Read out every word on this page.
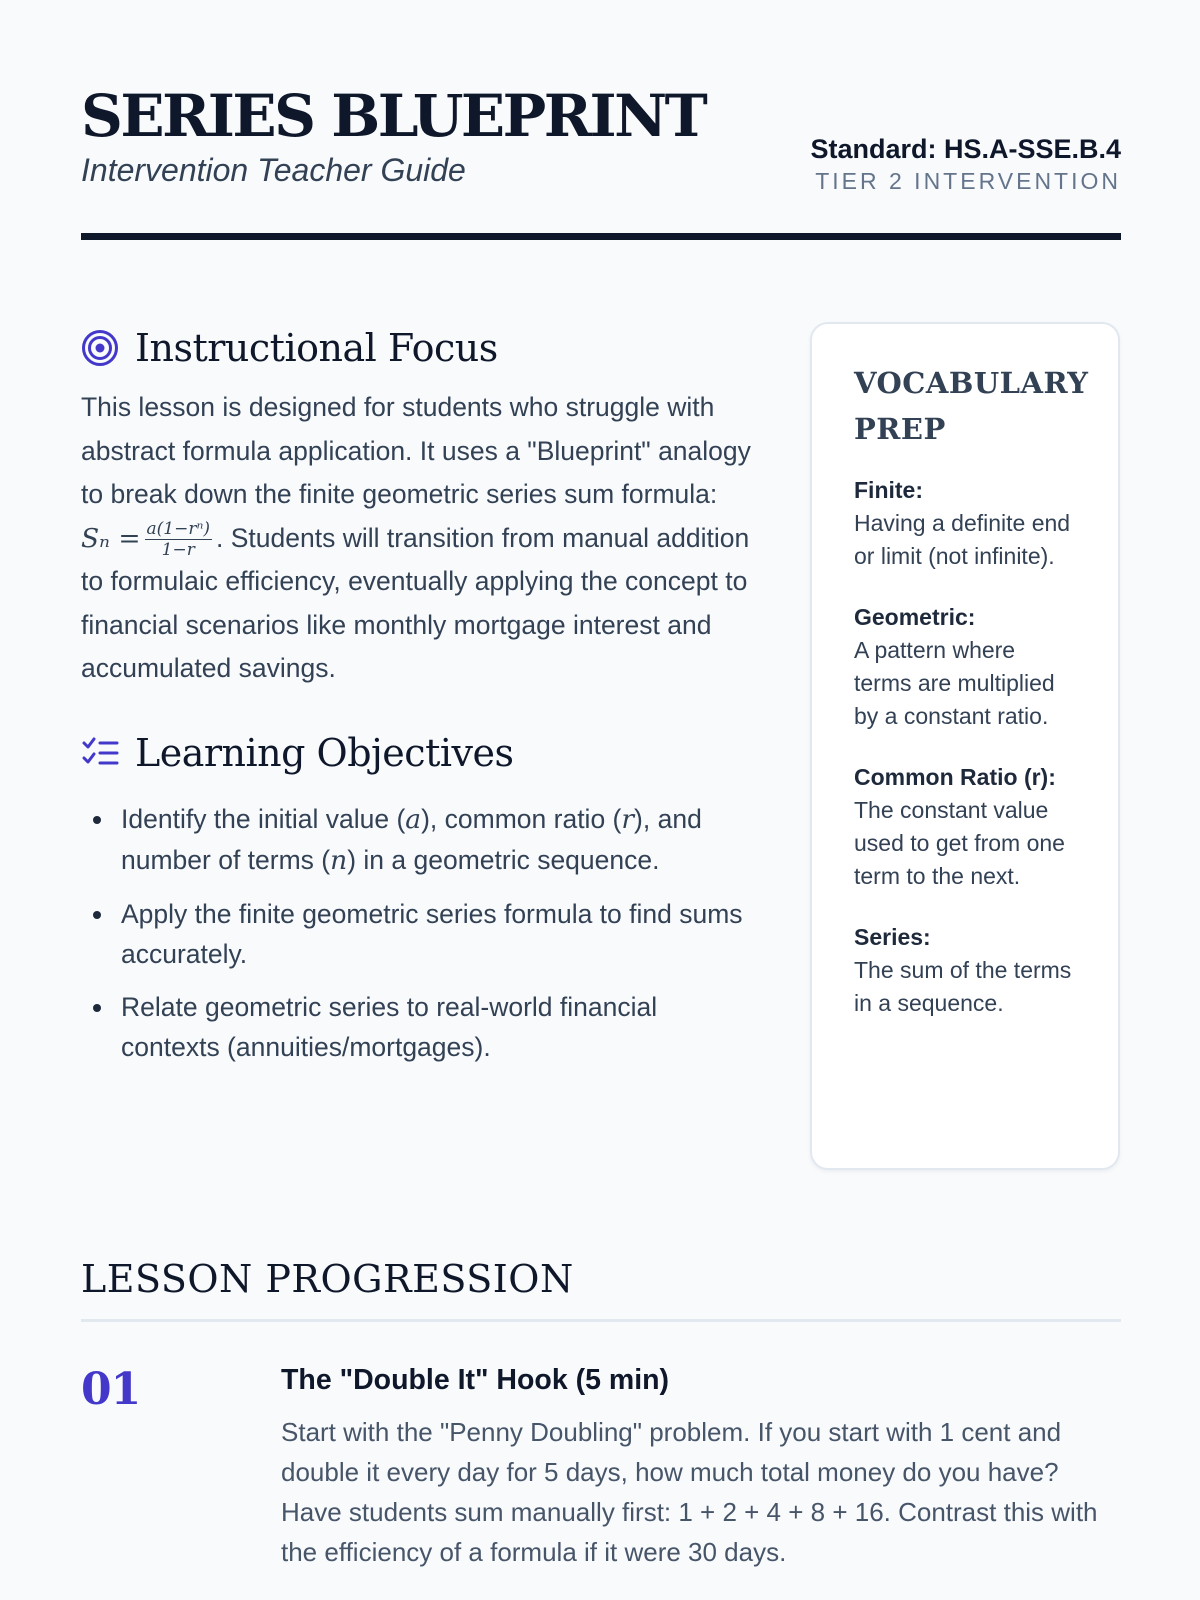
SERIES BLUEPRINT
Intervention Teacher Guide
Standard: HS.A-SSE.B.4
TIER 2 INTERVENTION
Instructional Focus

This lesson is designed for students who struggle with abstract formula application. It uses a "Blueprint" analogy to break down the finite geometric series sum formula: $S_n = \frac{\text{a(1−rⁿ)}}{1-r}$ . Students will transition from manual addition to formulaic efficiency, eventually applying the concept to financial scenarios like monthly mortgage interest and accumulated savings.

Learning Objectives
Identify the initial value (a), common ratio (r), and number of terms (n) in a geometric sequence.
Apply the finite geometric series formula to find sums accurately.
Relate geometric series to real-world financial contexts (annuities/mortgages).
VOCABULARY PREP
Finite:
Having a definite end or limit (not infinite).
Geometric:
A pattern where terms are multiplied by a constant ratio.
Common Ratio (r):
The constant value used to get from one term to the next.
Series:
The sum of the terms in a sequence.
LESSON PROGRESSION
01	The "Double It" Hook (5 min)

Start with the "Penny Doubling" problem. If you start with 1 cent and double it every day for 5 days, how much total money do you have? Have students sum manually first: 1 + 2 + 4 + 8 + 16. Contrast this with the efficiency of a formula if it were 30 days.
